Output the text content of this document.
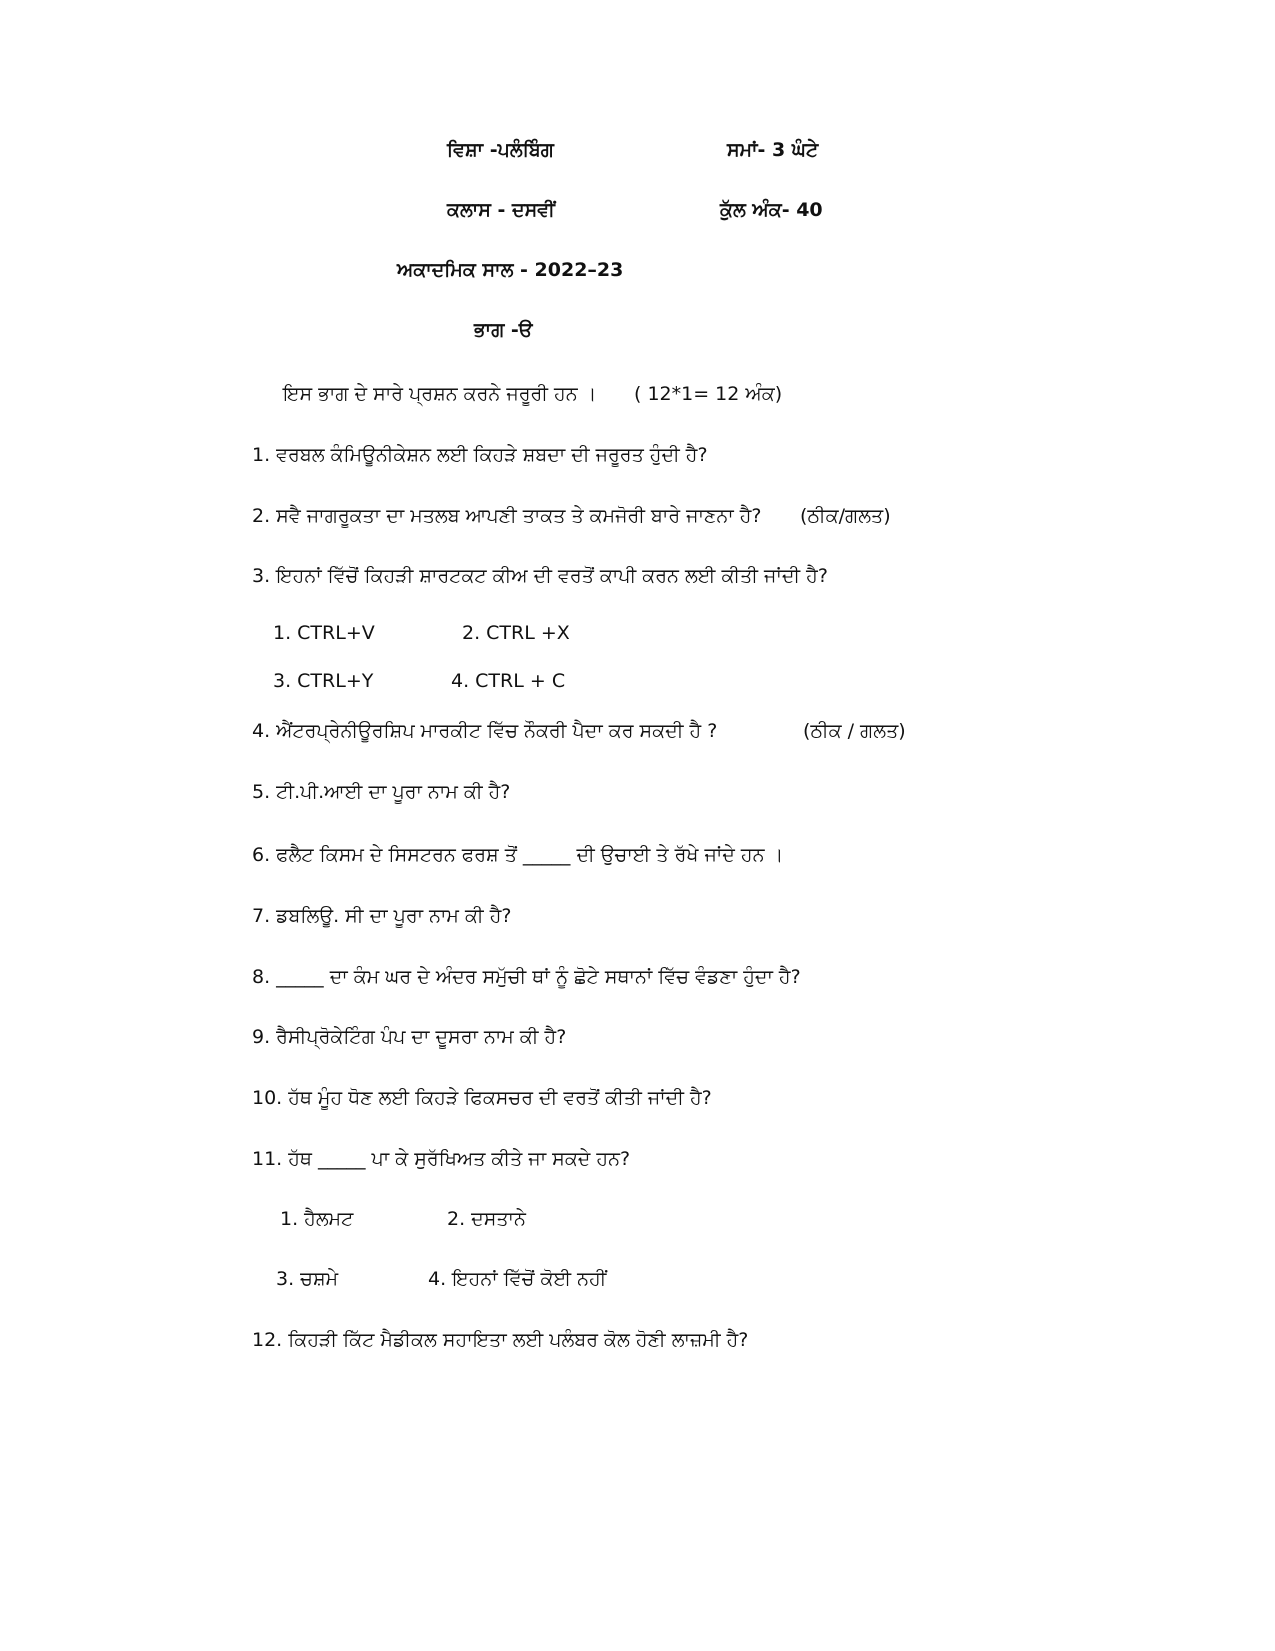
ਵਿਸ਼ਾ -ਪਲੰਬਿੰਗ	ਸਮਾਂ- 3 ਘੰਟੇ
ਕਲਾਸ - ਦਸਵੀਂ	ਕੁੱਲ ਅੰਕ- 40
ਅਕਾਦਮਿਕ ਸਾਲ - 2022–23
ਭਾਗ -ੳ
ਇਸ ਭਾਗ ਦੇ ਸਾਰੇ ਪ੍ਰਸ਼ਨ ਕਰਨੇ ਜਰੂਰੀ ਹਨ । ( 12*1= 12 ਅੰਕ)
1. ਵਰਬਲ ਕੰਮਿਊਨੀਕੇਸ਼ਨ ਲਈ ਕਿਹੜੇ ਸ਼ਬਦਾ ਦੀ ਜਰੂਰਤ ਹੁੰਦੀ ਹੈ?
2. ਸਵੈ ਜਾਗਰੂਕਤਾ ਦਾ ਮਤਲਬ ਆਪਣੀ ਤਾਕਤ ਤੇ ਕਮਜੋਰੀ ਬਾਰੇ ਜਾਣਨਾ ਹੈ? (ਠੀਕ/ਗਲਤ)
3. ਇਹਨਾਂ ਵਿੱਚੋਂ ਕਿਹੜੀ ਸ਼ਾਰਟਕਟ ਕੀਅ ਦੀ ਵਰਤੋਂ ਕਾਪੀ ਕਰਨ ਲਈ ਕੀਤੀ ਜਾਂਦੀ ਹੈ?
1. CTRL+V	2. CTRL +X
3. CTRL+Y	4. CTRL + C
4. ਐਂਟਰਪ੍ਰੇਨੀਊਰਸ਼ਿਪ ਮਾਰਕੀਟ ਵਿੱਚ ਨੌਕਰੀ ਪੈਦਾ ਕਰ ਸਕਦੀ ਹੈ ?	(ਠੀਕ / ਗਲਤ)
5. ਟੀ.ਪੀ.ਆਈ ਦਾ ਪੂਰਾ ਨਾਮ ਕੀ ਹੈ?
6. ਫਲੈਟ ਕਿਸਮ ਦੇ ਸਿਸਟਰਨ ਫਰਸ਼ ਤੋਂ _____ ਦੀ ਉਚਾਈ ਤੇ ਰੱਖੇ ਜਾਂਦੇ ਹਨ ।
7. ਡਬਲਿਊ. ਸੀ ਦਾ ਪੂਰਾ ਨਾਮ ਕੀ ਹੈ?
8. _____ ਦਾ ਕੰਮ ਘਰ ਦੇ ਅੰਦਰ ਸਮੁੱਚੀ ਥਾਂ ਨੂੰ ਛੋਟੇ ਸਥਾਨਾਂ ਵਿੱਚ ਵੰਡਣਾ ਹੁੰਦਾ ਹੈ?
9. ਰੈਸੀਪ੍ਰੋਕੇਟਿੰਗ ਪੰਪ ਦਾ ਦੂਸਰਾ ਨਾਮ ਕੀ ਹੈ?
10. ਹੱਥ ਮੂੰਹ ਧੋਣ ਲਈ ਕਿਹੜੇ ਫਿਕਸਚਰ ਦੀ ਵਰਤੋਂ ਕੀਤੀ ਜਾਂਦੀ ਹੈ?
11. ਹੱਥ _____ ਪਾ ਕੇ ਸੁਰੱਖਿਅਤ ਕੀਤੇ ਜਾ ਸਕਦੇ ਹਨ?
1. ਹੈਲਮਟ	2. ਦਸਤਾਨੇ
3. ਚਸ਼ਮੇ	4. ਇਹਨਾਂ ਵਿੱਚੋਂ ਕੋਈ ਨਹੀਂ
12. ਕਿਹੜੀ ਕਿੱਟ ਮੈਡੀਕਲ ਸਹਾਇਤਾ ਲਈ ਪਲੰਬਰ ਕੋਲ ਹੋਣੀ ਲਾਜ਼ਮੀ ਹੈ?
